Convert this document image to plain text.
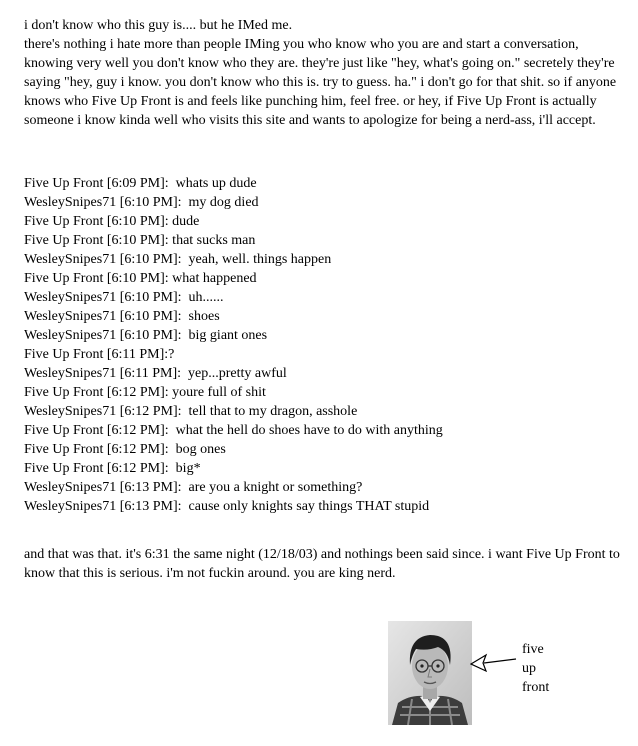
i don't know who this guy is.... but he IMed me.

there's nothing i hate more than people IMing you who know who you are and start a conversation, knowing very well you don't know who they are. they're just like "hey, what's going on." secretely they're saying "hey, guy i know. you don't know who this is. try to guess. ha." i don't go for that shit. so if anyone knows who Five Up Front is and feels like punching him, feel free. or hey, if Five Up Front is actually someone i know kinda well who visits this site and wants to apologize for being a nerd-ass, i'll accept.

Five Up Front [6:09 PM]:  whats up dude
WesleySnipes71 [6:10 PM]:  my dog died
Five Up Front [6:10 PM]: dude
Five Up Front [6:10 PM]: that sucks man
WesleySnipes71 [6:10 PM]:  yeah, well. things happen
Five Up Front [6:10 PM]: what happened
WesleySnipes71 [6:10 PM]:  uh......
WesleySnipes71 [6:10 PM]:  shoes
WesleySnipes71 [6:10 PM]:  big giant ones
Five Up Front [6:11 PM]:?
WesleySnipes71 [6:11 PM]:  yep...pretty awful
Five Up Front [6:12 PM]: youre full of shit
WesleySnipes71 [6:12 PM]:  tell that to my dragon, asshole
Five Up Front [6:12 PM]:  what the hell do shoes have to do with anything
Five Up Front [6:12 PM]:  bog ones
Five Up Front [6:12 PM]:  big*
WesleySnipes71 [6:13 PM]:  are you a knight or something?
WesleySnipes71 [6:13 PM]:  cause only knights say things THAT stupid

and that was that. it's 6:31 the same night (12/18/03) and nothings been said since. i want Five Up Front to know that this is serious. i'm not fuckin around. you are king nerd.

five
up
front
